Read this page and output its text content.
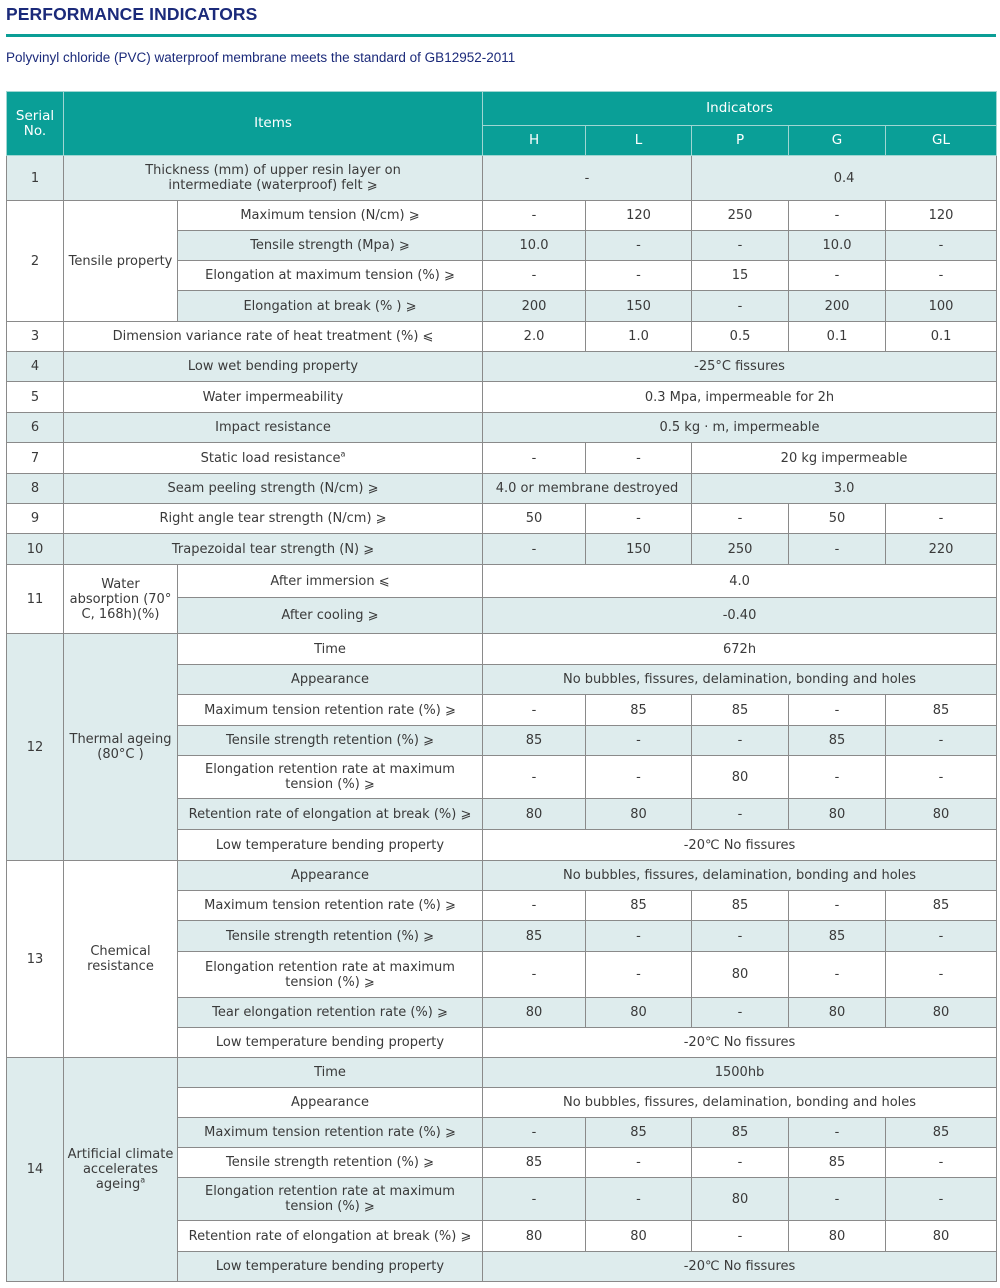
PERFORMANCE INDICATORS
Polyvinyl chloride (PVC) waterproof membrane meets the standard of GB12952-2011
Serial No.	Items		Indicators				
			H	L	P	G	GL
1	Thickness (mm) of upper resin layer on intermediate (waterproof) felt ⩾		-		0.4		
2	Tensile property	Maximum tension (N/cm) ⩾	-	120	250	-	120
		Tensile strength (Mpa) ⩾	10.0	-	-	10.0	-
		Elongation at maximum tension (%) ⩾	-	-	15	-	-
		Elongation at break (% ) ⩾	200	150	-	200	100
3	Dimension variance rate of heat treatment (%) ⩽		2.0	1.0	0.5	0.1	0.1
4	Low wet bending property		-25°C fissures				
5	Water impermeability		0.3 Mpa, impermeable for 2h				
6	Impact resistance		0.5 kg · m, impermeable				
7	Static load resistance$^a$		-	-	20 kg impermeable		
8	Seam peeling strength (N/cm) ⩾		4.0 or membrane destroyed		3.0		
9	Right angle tear strength (N/cm) ⩾		50	-	-	50	-
10	Trapezoidal tear strength (N) ⩾		-	150	250	-	220
11	Water absorption (70° C, 168h)(%)	After immersion ⩽	4.0				
		After cooling ⩾	-0.40				
12	Thermal ageing (80°C )	Time	672h				
		Appearance	No bubbles, fissures, delamination, bonding and holes				
		Maximum tension retention rate (%) ⩾	-	85	85	-	85
		Tensile strength retention (%) ⩾	85	-	-	85	-
		Elongation retention rate at maximum tension (%) ⩾	-	-	80	-	-
		Retention rate of elongation at break (%) ⩾	80	80	-	80	80
		Low temperature bending property	-20℃ No fissures				
13	Chemical resistance	Appearance	No bubbles, fissures, delamination, bonding and holes				
		Maximum tension retention rate (%) ⩾	-	85	85	-	85
		Tensile strength retention (%) ⩾	85	-	-	85	-
		Elongation retention rate at maximum tension (%) ⩾	-	-	80	-	-
		Tear elongation retention rate (%) ⩾	80	80	-	80	80
		Low temperature bending property	-20℃ No fissures				
14	Artificial climate accelerates ageing$^a$	Time	1500hb				
		Appearance	No bubbles, fissures, delamination, bonding and holes				
		Maximum tension retention rate (%) ⩾	-	85	85	-	85
		Tensile strength retention (%) ⩾	85	-	-	85	-
		Elongation retention rate at maximum tension (%) ⩾	-	-	80	-	-
		Retention rate of elongation at break (%) ⩾	80	80	-	80	80
		Low temperature bending property	-20℃ No fissures				
